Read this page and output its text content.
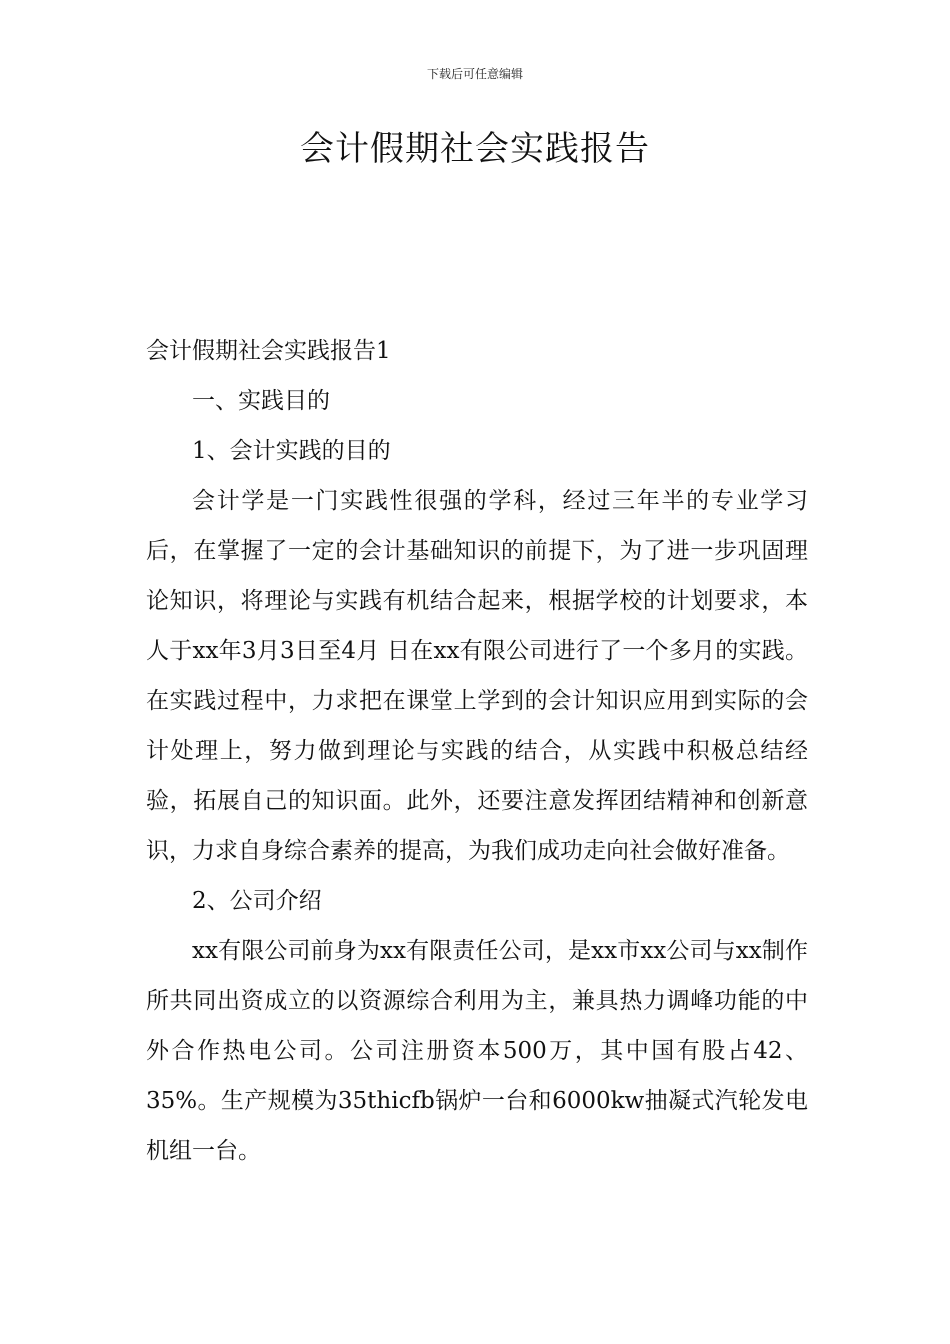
下载后可任意编辑
会计假期社会实践报告

会计假期社会实践报告1

一、实践目的

1、会计实践的目的

会计学是一门实践性很强的学科，经过三年半的专业学习后，在掌握了一定的会计基础知识的前提下，为了进一步巩固理论知识，将理论与实践有机结合起来，根据学校的计划要求，本人于xx年3月3日至4月 日在xx有限公司进行了一个多月的实践。在实践过程中，力求把在课堂上学到的会计知识应用到实际的会计处理上，努力做到理论与实践的结合，从实践中积极总结经验，拓展自己的知识面。此外，还要注意发挥团结精神和创新意识，力求自身综合素养的提高，为我们成功走向社会做好准备。

2、公司介绍

xx有限公司前身为xx有限责任公司，是xx市xx公司与xx制作所共同出资成立的以资源综合利用为主，兼具热力调峰功能的中外合作热电公司。公司注册资本500万，其中国有股占42、35%。生产规模为35thicfb锅炉一台和6000kw抽凝式汽轮发电机组一台。
